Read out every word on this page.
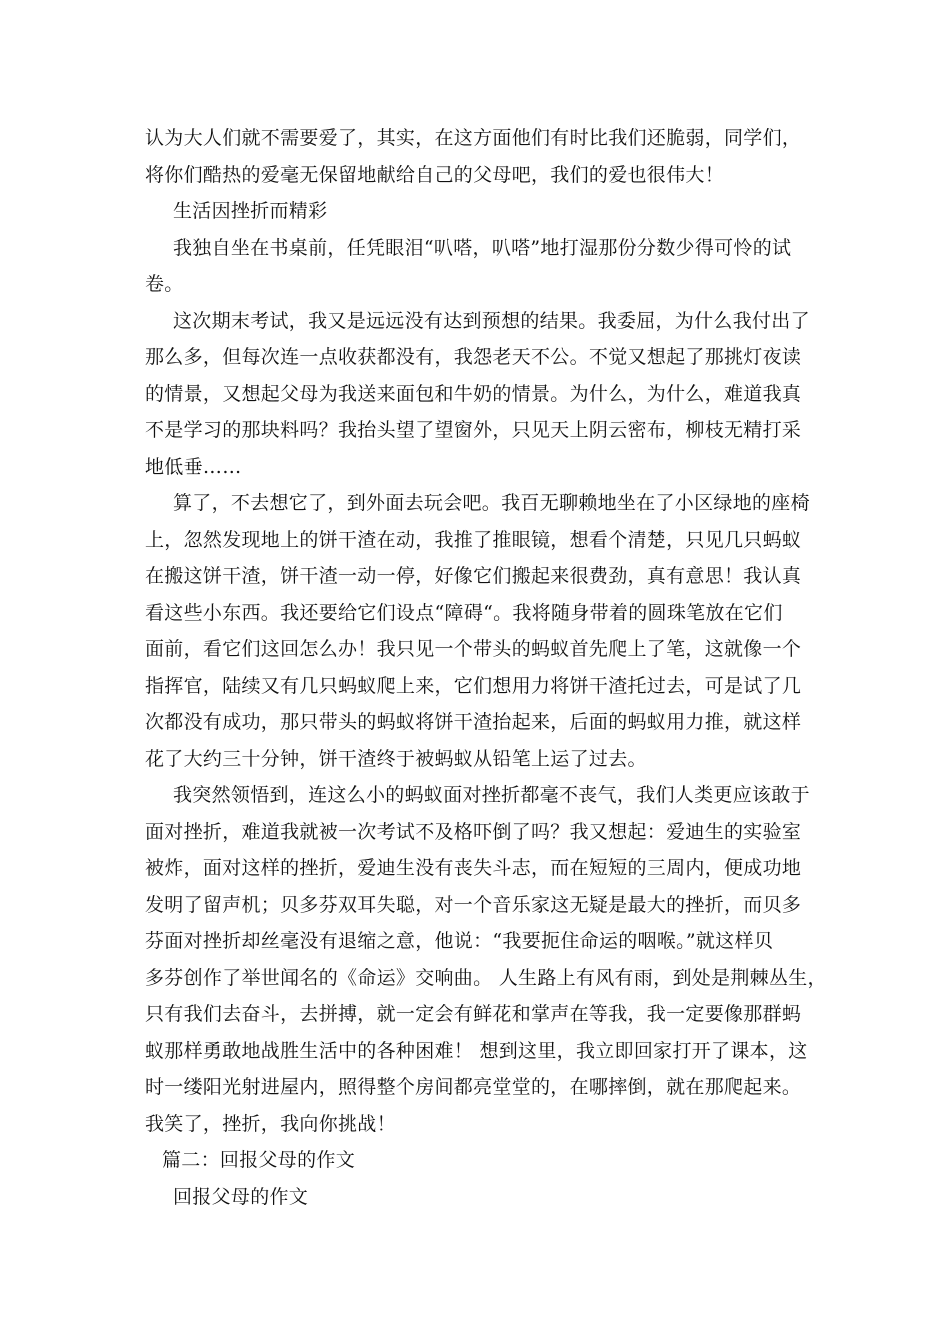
认为大人们就不需要爱了，其实，在这方面他们有时比我们还脆弱，同学们，
将你们酷热的爱毫无保留地献给自己的父母吧，我们的爱也很伟大！
生活因挫折而精彩
我独自坐在书桌前，任凭眼泪“叭嗒，叭嗒”地打湿那份分数少得可怜的试
卷。
这次期末考试，我又是远远没有达到预想的结果。我委屈，为什么我付出了
那么多，但每次连一点收获都没有，我怨老天不公。不觉又想起了那挑灯夜读
的情景，又想起父母为我送来面包和牛奶的情景。为什么，为什么，难道我真
不是学习的那块料吗？我抬头望了望窗外，只见天上阴云密布，柳枝无精打采
地低垂……
算了，不去想它了，到外面去玩会吧。我百无聊赖地坐在了小区绿地的座椅
上，忽然发现地上的饼干渣在动，我推了推眼镜，想看个清楚，只见几只蚂蚁
在搬这饼干渣，饼干渣一动一停，好像它们搬起来很费劲，真有意思！我认真
看这些小东西。我还要给它们设点“障碍“。我将随身带着的圆珠笔放在它们
面前，看它们这回怎么办！我只见一个带头的蚂蚁首先爬上了笔，这就像一个
指挥官，陆续又有几只蚂蚁爬上来，它们想用力将饼干渣托过去，可是试了几
次都没有成功，那只带头的蚂蚁将饼干渣抬起来，后面的蚂蚁用力推，就这样
花了大约三十分钟，饼干渣终于被蚂蚁从铅笔上运了过去。
我突然领悟到，连这么小的蚂蚁面对挫折都毫不丧气，我们人类更应该敢于
面对挫折，难道我就被一次考试不及格吓倒了吗？我又想起：爱迪生的实验室
被炸，面对这样的挫折，爱迪生没有丧失斗志，而在短短的三周内，便成功地
发明了留声机；贝多芬双耳失聪，对一个音乐家这无疑是最大的挫折，而贝多
芬面对挫折却丝毫没有退缩之意，他说：“我要扼住命运的咽喉。”就这样贝
多芬创作了举世闻名的《命运》交响曲。 人生路上有风有雨，到处是荆棘丛生，
只有我们去奋斗，去拼搏，就一定会有鲜花和掌声在等我，我一定要像那群蚂
蚁那样勇敢地战胜生活中的各种困难！ 想到这里，我立即回家打开了课本，这
时一缕阳光射进屋内，照得整个房间都亮堂堂的，在哪摔倒，就在那爬起来。
我笑了，挫折，我向你挑战！
篇二：回报父母的作文
回报父母的作文
